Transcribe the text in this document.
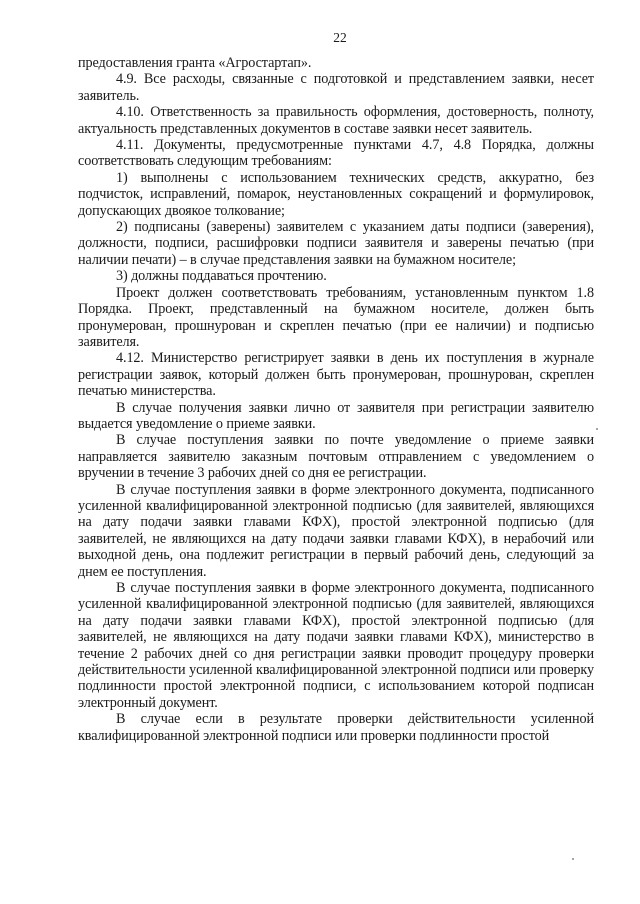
22

предоставления гранта «Агростартап».

4.9. Все расходы, связанные с подготовкой и представлением заявки, несет заявитель.

4.10. Ответственность за правильность оформления, достоверность, полноту, актуальность представленных документов в составе заявки несет заявитель.

4.11. Документы, предусмотренные пунктами 4.7, 4.8 Порядка, должны соответствовать следующим требованиям:

1) выполнены с использованием технических средств, аккуратно, без подчисток, исправлений, помарок, неустановленных сокращений и формулировок, допускающих двоякое толкование;

2) подписаны (заверены) заявителем с указанием даты подписи (заверения), должности, подписи, расшифровки подписи заявителя и заверены печатью (при наличии печати) – в случае представления заявки на бумажном носителе;

3) должны поддаваться прочтению.

Проект должен соответствовать требованиям, установленным пунктом 1.8 Порядка. Проект, представленный на бумажном носителе, должен быть пронумерован, прошнурован и скреплен печатью (при ее наличии) и подписью заявителя.

4.12. Министерство регистрирует заявки в день их поступления в журнале регистрации заявок, который должен быть пронумерован, прошнурован, скреплен печатью министерства.

В случае получения заявки лично от заявителя при регистрации заявителю выдается уведомление о приеме заявки.

В случае поступления заявки по почте уведомление о приеме заявки направляется заявителю заказным почтовым отправлением с уведомлением о вручении в течение 3 рабочих дней со дня ее регистрации.

В случае поступления заявки в форме электронного документа, подписанного усиленной квалифицированной электронной подписью (для заявителей, являющихся на дату подачи заявки главами КФХ), простой электронной подписью (для заявителей, не являющихся на дату подачи заявки главами КФХ), в нерабочий или выходной день, она подлежит регистрации в первый рабочий день, следующий за днем ее поступления.

В случае поступления заявки в форме электронного документа, подписанного усиленной квалифицированной электронной подписью (для заявителей, являющихся на дату подачи заявки главами КФХ), простой электронной подписью (для заявителей, не являющихся на дату подачи заявки главами КФХ), министерство в течение 2 рабочих дней со дня регистрации заявки проводит процедуру проверки действительности усиленной квалифицированной электронной подписи или проверку подлинности простой электронной подписи, с использованием которой подписан электронный документ.

В случае если в результате проверки действительности усиленной квалифицированной электронной подписи или проверки подлинности простой
